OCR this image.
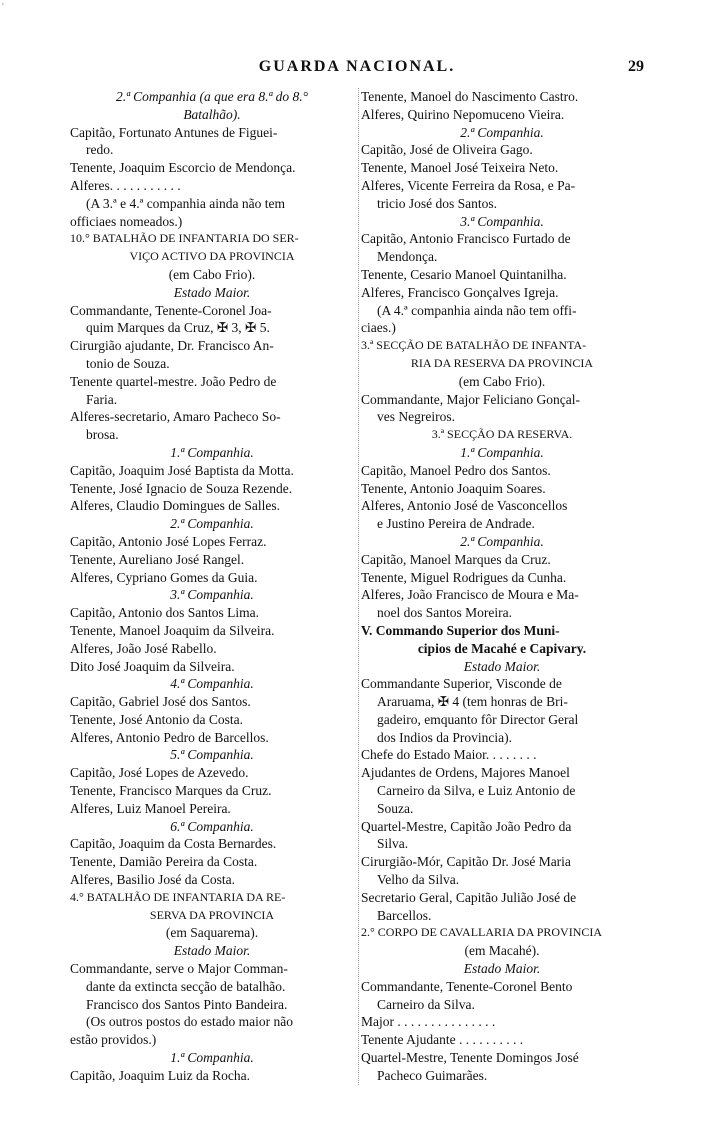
'
GUARDA NACIONAL.	29
2.ª Companhia (a que era 8.ª do 8.°
Batalhão).
Capitão, Fortunato Antunes de Figuei-
redo.
Tenente, Joaquim Escorcio de Mendonça.
Alferes. . . . . . . . . . .
(A 3.ª e 4.ª companhia ainda não tem
officiaes nomeados.)
10.° BATALHÃO DE INFANTARIA DO SER-
VIÇO ACTIVO DA PROVINCIA
(em Cabo Frio).
Estado Maior.
Commandante, Tenente-Coronel Joa-
quim Marques da Cruz, ✠ 3, ✠ 5.
Cirurgião ajudante, Dr. Francisco An-
tonio de Souza.
Tenente quartel-mestre. João Pedro de
Faria.
Alferes-secretario, Amaro Pacheco So-
brosa.
1.ª Companhia.
Capitão, Joaquim José Baptista da Motta.
Tenente, José Ignacio de Souza Rezende.
Alferes, Claudio Domingues de Salles.
2.ª Companhia.
Capitão, Antonio José Lopes Ferraz.
Tenente, Aureliano José Rangel.
Alferes, Cypriano Gomes da Guia.
3.ª Companhia.
Capitão, Antonio dos Santos Lima.
Tenente, Manoel Joaquim da Silveira.
Alferes, João José Rabello.
Dito José Joaquim da Silveira.
4.ª Companhia.
Capitão, Gabriel José dos Santos.
Tenente, José Antonio da Costa.
Alferes, Antonio Pedro de Barcellos.
5.ª Companhia.
Capitão, José Lopes de Azevedo.
Tenente, Francisco Marques da Cruz.
Alferes, Luiz Manoel Pereira.
6.ª Companhia.
Capitão, Joaquim da Costa Bernardes.
Tenente, Damião Pereira da Costa.
Alferes, Basilio José da Costa.
4.° BATALHÃO DE INFANTARIA DA RE-
SERVA DA PROVINCIA
(em Saquarema).
Estado Maior.
Commandante, serve o Major Comman-
dante da extincta secção de batalhão.
Francisco dos Santos Pinto Bandeira.
(Os outros postos do estado maior não
estão providos.)
1.ª Companhia.
Capitão, Joaquim Luiz da Rocha.
Tenente, Manoel do Nascimento Castro.
Alferes, Quirino Nepomuceno Vieira.
2.ª Companhia.
Capitão, José de Oliveira Gago.
Tenente, Manoel José Teixeira Neto.
Alferes, Vicente Ferreira da Rosa, e Pa-
tricio José dos Santos.
3.ª Companhia.
Capitão, Antonio Francisco Furtado de
Mendonça.
Tenente, Cesario Manoel Quintanilha.
Alferes, Francisco Gonçalves Igreja.
(A 4.ª companhia ainda não tem offi-
ciaes.)
3.ª SECÇÃO DE BATALHÃO DE INFANTA-
RIA DA RESERVA DA PROVINCIA
(em Cabo Frio).
Commandante, Major Feliciano Gonçal-
ves Negreiros.
3.ª SECÇÃO DA RESERVA.
1.ª Companhia.
Capitão, Manoel Pedro dos Santos.
Tenente, Antonio Joaquim Soares.
Alferes, Antonio José de Vasconcellos
e Justino Pereira de Andrade.
2.ª Companhia.
Capitão, Manoel Marques da Cruz.
Tenente, Miguel Rodrigues da Cunha.
Alferes, João Francisco de Moura e Ma-
noel dos Santos Moreira.
V. Commando Superior dos Muni-
cipios de Macahé e Capivary.
Estado Maior.
Commandante Superior, Visconde de
Araruama, ✠ 4 (tem honras de Bri-
gadeiro, emquanto fôr Director Geral
dos Indios da Provincia).
Chefe do Estado Maior. . . . . . . .
Ajudantes de Ordens, Majores Manoel
Carneiro da Silva, e Luiz Antonio de
Souza.
Quartel-Mestre, Capitão João Pedro da
Silva.
Cirurgião-Mór, Capitão Dr. José Maria
Velho da Silva.
Secretario Geral, Capitão Julião José de
Barcellos.
2.° CORPO DE CAVALLARIA DA PROVINCIA
(em Macahé).
Estado Maior.
Commandante, Tenente-Coronel Bento
Carneiro da Silva.
Major . . . . . . . . . . . . . . .
Tenente Ajudante . . . . . . . . . .
Quartel-Mestre, Tenente Domingos José
Pacheco Guimarães.
